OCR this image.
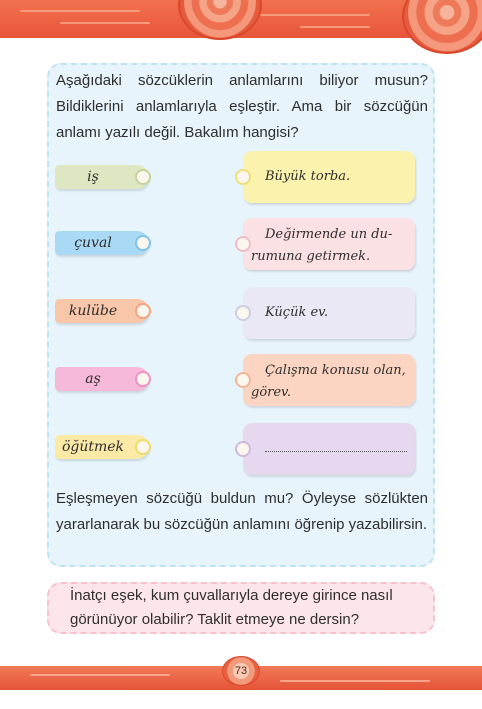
Aşağıdaki sözcüklerin anlamlarını biliyor musun? Bildiklerini anlamlarıyla eşleştir. Ama bir sözcüğün anlamı yazılı değil. Bakalım hangisi?

iş
çuval
kulübe
aş
öğütmek
Büyük torba.
Değirmende un du-
rumuna getirmek.
Küçük ev.
Çalışma konusu olan,
görev.

Eşleşmeyen sözcüğü buldun mu? Öyleyse sözlükten yararlanarak bu sözcüğün anlamını öğrenip yazabilirsin.

İnatçı eşek, kum çuvallarıyla dereye girince nasıl görünüyor olabilir? Taklit etmeye ne dersin?

73
